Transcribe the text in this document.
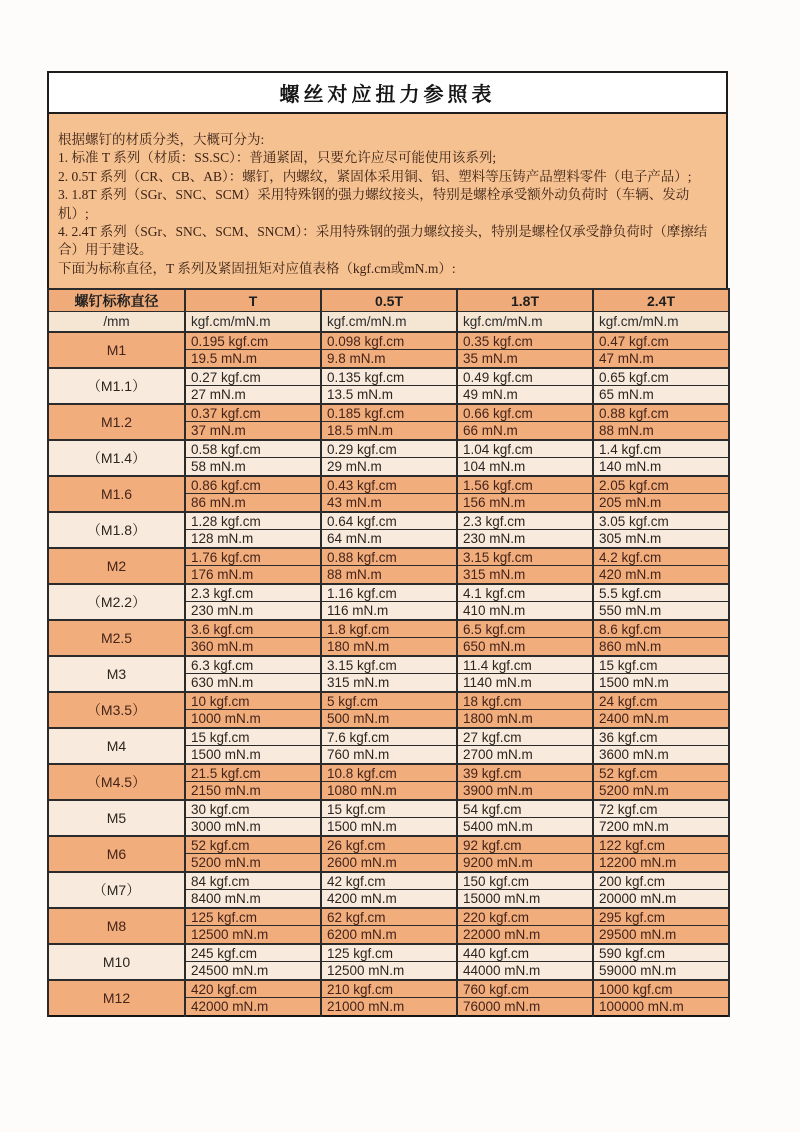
螺丝对应扭力参照表
根据螺钉的材质分类，大概可分为:
1. 标准 T 系列（材质：SS.SC）：普通紧固，只要允许应尽可能使用该系列;
2. 0.5T 系列（CR、CB、AB）：螺钉，内螺纹，紧固体采用铜、铝、塑料等压铸产品塑料零件（电子产品）;
3. 1.8T 系列（SGr、SNC、SCM）采用特殊钢的强力螺纹接头，特别是螺栓承受额外动负荷时（车辆、发动机）;
4. 2.4T 系列（SGr、SNC、SCM、SNCM）：采用特殊钢的强力螺纹接头，特别是螺栓仅承受静负荷时（摩擦结合）用于建设。
下面为标称直径，T 系列及紧固扭矩对应值表格（kgf.cm或mN.m）:
螺钉标称直径	T	0.5T	1.8T	2.4T
/mm	kgf.cm/mN.m	kgf.cm/mN.m	kgf.cm/mN.m	kgf.cm/mN.m
M1	0.195 kgf.cm	0.098 kgf.cm	0.35 kgf.cm	0.47 kgf.cm
	19.5 mN.m	9.8 mN.m	35 mN.m	47 mN.m
（M1.1）	0.27 kgf.cm	0.135 kgf.cm	0.49 kgf.cm	0.65 kgf.cm
	27 mN.m	13.5 mN.m	49 mN.m	65 mN.m
M1.2	0.37 kgf.cm	0.185 kgf.cm	0.66 kgf.cm	0.88 kgf.cm
	37 mN.m	18.5 mN.m	66 mN.m	88 mN.m
（M1.4）	0.58 kgf.cm	0.29 kgf.cm	1.04 kgf.cm	1.4 kgf.cm
	58 mN.m	29 mN.m	104 mN.m	140 mN.m
M1.6	0.86 kgf.cm	0.43 kgf.cm	1.56 kgf.cm	2.05 kgf.cm
	86 mN.m	43 mN.m	156 mN.m	205 mN.m
（M1.8）	1.28 kgf.cm	0.64 kgf.cm	2.3 kgf.cm	3.05 kgf.cm
	128 mN.m	64 mN.m	230 mN.m	305 mN.m
M2	1.76 kgf.cm	0.88 kgf.cm	3.15 kgf.cm	4.2 kgf.cm
	176 mN.m	88 mN.m	315 mN.m	420 mN.m
（M2.2）	2.3 kgf.cm	1.16 kgf.cm	4.1 kgf.cm	5.5 kgf.cm
	230 mN.m	116 mN.m	410 mN.m	550 mN.m
M2.5	3.6 kgf.cm	1.8 kgf.cm	6.5 kgf.cm	8.6 kgf.cm
	360 mN.m	180 mN.m	650 mN.m	860 mN.m
M3	6.3 kgf.cm	3.15 kgf.cm	11.4 kgf.cm	15 kgf.cm
	630 mN.m	315 mN.m	1140 mN.m	1500 mN.m
（M3.5）	10 kgf.cm	5 kgf.cm	18 kgf.cm	24 kgf.cm
	1000 mN.m	500 mN.m	1800 mN.m	2400 mN.m
M4	15 kgf.cm	7.6 kgf.cm	27 kgf.cm	36 kgf.cm
	1500 mN.m	760 mN.m	2700 mN.m	3600 mN.m
（M4.5）	21.5 kgf.cm	10.8 kgf.cm	39 kgf.cm	52 kgf.cm
	2150 mN.m	1080 mN.m	3900 mN.m	5200 mN.m
M5	30 kgf.cm	15 kgf.cm	54 kgf.cm	72 kgf.cm
	3000 mN.m	1500 mN.m	5400 mN.m	7200 mN.m
M6	52 kgf.cm	26 kgf.cm	92 kgf.cm	122 kgf.cm
	5200 mN.m	2600 mN.m	9200 mN.m	12200 mN.m
（M7）	84 kgf.cm	42 kgf.cm	150 kgf.cm	200 kgf.cm
	8400 mN.m	4200 mN.m	15000 mN.m	20000 mN.m
M8	125 kgf.cm	62 kgf.cm	220 kgf.cm	295 kgf.cm
	12500 mN.m	6200 mN.m	22000 mN.m	29500 mN.m
M10	245 kgf.cm	125 kgf.cm	440 kgf.cm	590 kgf.cm
	24500 mN.m	12500 mN.m	44000 mN.m	59000 mN.m
M12	420 kgf.cm	210 kgf.cm	760 kgf.cm	1000 kgf.cm
	42000 mN.m	21000 mN.m	76000 mN.m	100000 mN.m
